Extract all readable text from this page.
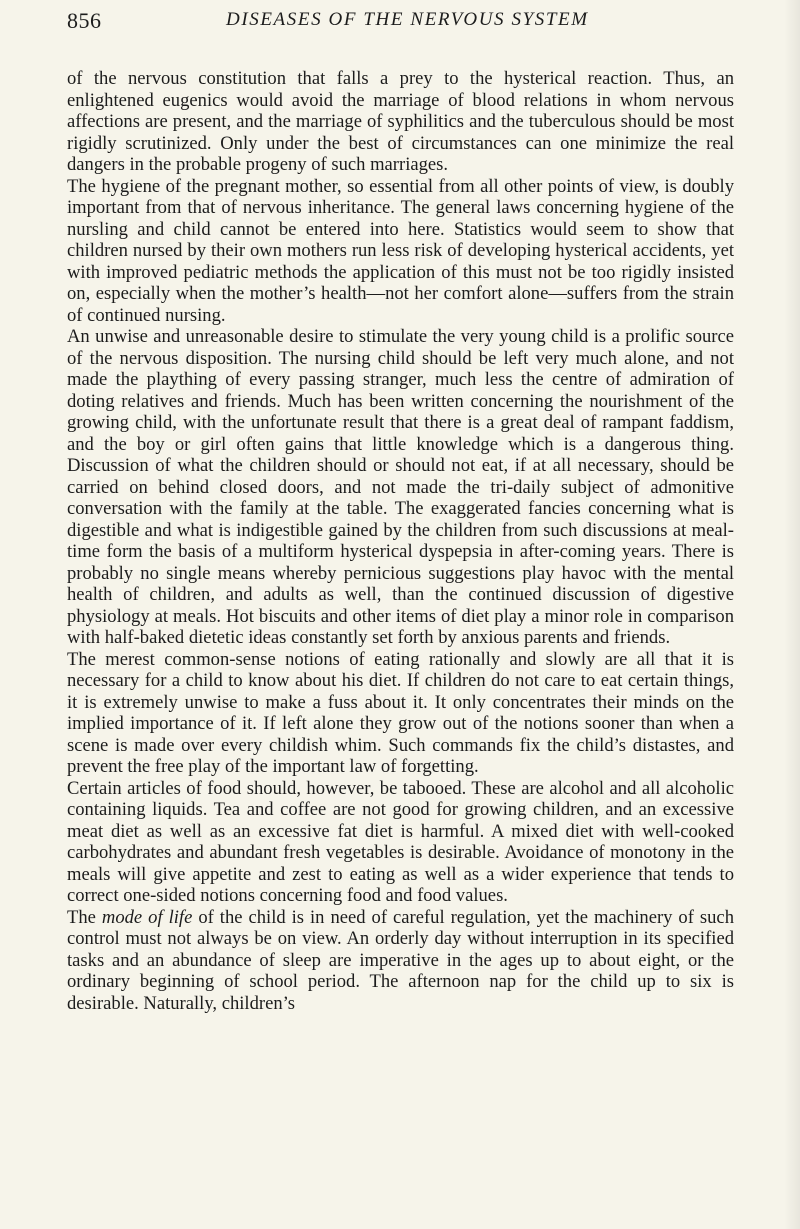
856	DISEASES OF THE NERVOUS SYSTEM

of the nervous constitution that falls a prey to the hysterical reaction. Thus, an enlightened eugenics would avoid the marriage of blood relations in whom nervous affections are present, and the marriage of syphilitics and the tuberculous should be most rigidly scrutinized. Only under the best of circumstances can one minimize the real dangers in the probable progeny of such marriages.

The hygiene of the pregnant mother, so essential from all other points of view, is doubly important from that of nervous inheritance. The general laws concerning hygiene of the nursling and child cannot be entered into here. Statistics would seem to show that children nursed by their own mothers run less risk of developing hysterical accidents, yet with improved pediatric methods the application of this must not be too rigidly insisted on, especially when the mother’s health—not her comfort alone—suffers from the strain of continued nursing.

An unwise and unreasonable desire to stimulate the very young child is a prolific source of the nervous disposition. The nursing child should be left very much alone, and not made the plaything of every passing stranger, much less the centre of admiration of doting relatives and friends. Much has been written concerning the nourishment of the growing child, with the unfortunate result that there is a great deal of rampant faddism, and the boy or girl often gains that little knowledge which is a dangerous thing. Discussion of what the children should or should not eat, if at all necessary, should be carried on behind closed doors, and not made the tri-daily subject of admonitive conversation with the family at the table. The exaggerated fancies concerning what is digestible and what is indigestible gained by the children from such discussions at meal-time form the basis of a multiform hysterical dyspepsia in after-coming years. There is probably no single means whereby pernicious suggestions play havoc with the mental health of children, and adults as well, than the continued discussion of digestive physiology at meals. Hot biscuits and other items of diet play a minor role in comparison with half-baked dietetic ideas constantly set forth by anxious parents and friends.

The merest common-sense notions of eating rationally and slowly are all that it is necessary for a child to know about his diet. If children do not care to eat certain things, it is extremely unwise to make a fuss about it. It only concentrates their minds on the implied importance of it. If left alone they grow out of the notions sooner than when a scene is made over every childish whim. Such commands fix the child’s distastes, and prevent the free play of the important law of forgetting.

Certain articles of food should, however, be tabooed. These are alcohol and all alcoholic containing liquids. Tea and coffee are not good for growing children, and an excessive meat diet as well as an excessive fat diet is harmful. A mixed diet with well-cooked carbohydrates and abundant fresh vegetables is desirable. Avoidance of monotony in the meals will give appetite and zest to eating as well as a wider experience that tends to correct one-sided notions concerning food and food values.

The mode of life of the child is in need of careful regulation, yet the machinery of such control must not always be on view. An orderly day without interruption in its specified tasks and an abundance of sleep are imperative in the ages up to about eight, or the ordinary beginning of school period. The afternoon nap for the child up to six is desirable. Naturally, children’s
